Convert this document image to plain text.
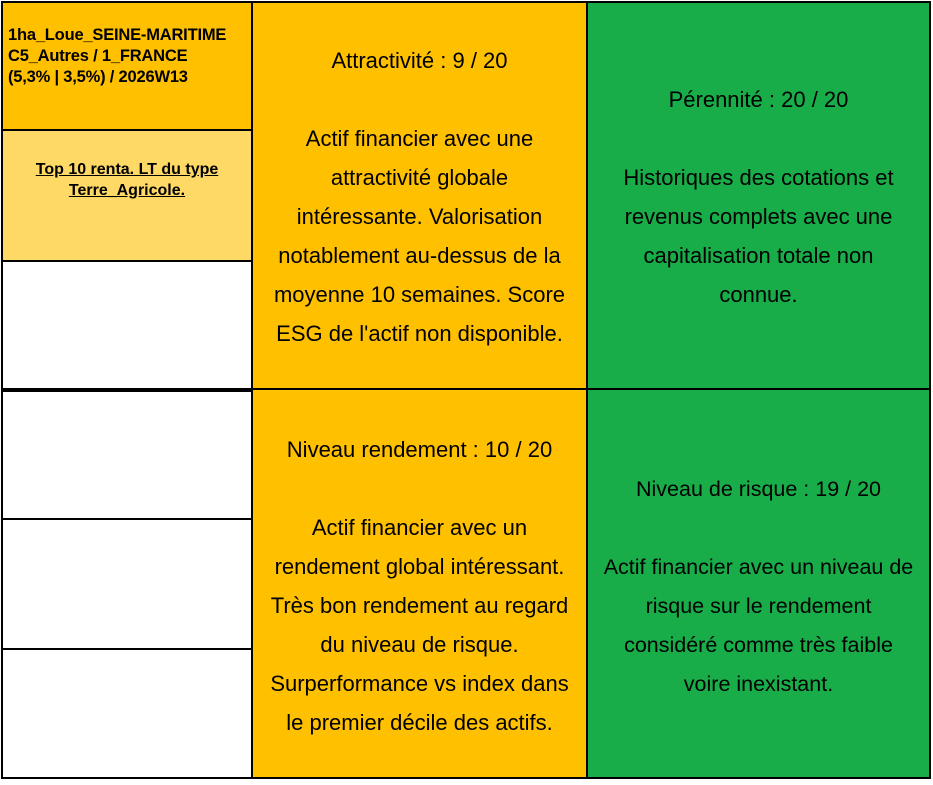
1ha_Loue_SEINE-MARITIME
C5_Autres / 1_FRANCE
(5,3% | 3,5%) / 2026W13
Top 10 renta. LT du type
Terre_Agricole.
Attractivité : 9 / 20
Actif financier avec une
attractivité globale
intéressante. Valorisation
notablement au-dessus de la
moyenne 10 semaines. Score
ESG de l'actif non disponible.
Pérennité : 20 / 20
Historiques des cotations et
revenus complets avec une
capitalisation totale non
connue.
Niveau rendement : 10 / 20
Actif financier avec un
rendement global intéressant.
Très bon rendement au regard
du niveau de risque.
Surperformance vs index dans
le premier décile des actifs.
Niveau de risque : 19 / 20
Actif financier avec un niveau de
risque sur le rendement
considéré comme très faible
voire inexistant.
